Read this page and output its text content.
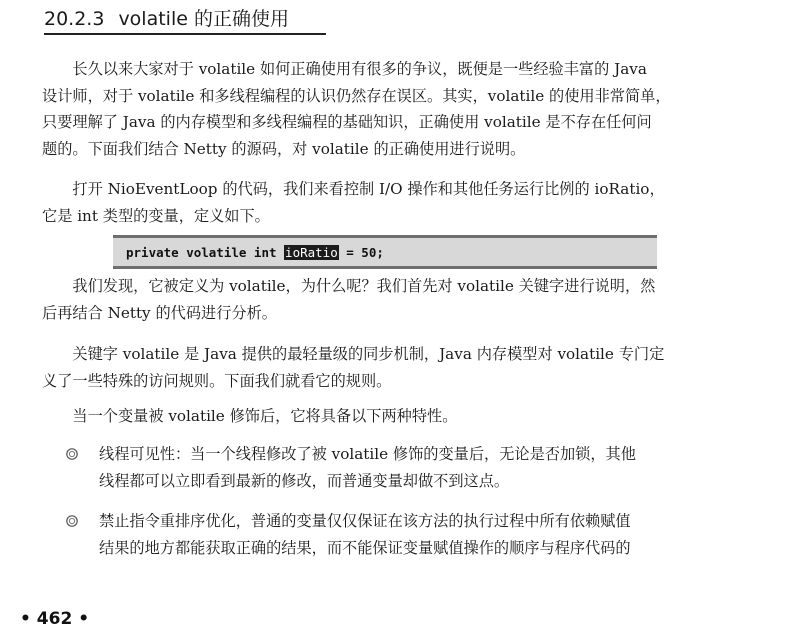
20.2.3 volatile 的正确使用
　　长久以来大家对于 volatile 如何正确使用有很多的争议，既便是一些经验丰富的 Java
设计师，对于 volatile 和多线程编程的认识仍然存在误区。其实，volatile 的使用非常简单，
只要理解了 Java 的内存模型和多线程编程的基础知识，正确使用 volatile 是不存在任何问
题的。下面我们结合 Netty 的源码，对 volatile 的正确使用进行说明。
　　打开 NioEventLoop 的代码，我们来看控制 I/O 操作和其他任务运行比例的 ioRatio，
它是 int 类型的变量，定义如下。
private volatile int ioRatio = 50;
　　我们发现，它被定义为 volatile，为什么呢？我们首先对 volatile 关键字进行说明，然
后再结合 Netty 的代码进行分析。
　　关键字 volatile 是 Java 提供的最轻量级的同步机制，Java 内存模型对 volatile 专门定
义了一些特殊的访问规则。下面我们就看它的规则。
　　当一个变量被 volatile 修饰后，它将具备以下两种特性。
线程可见性：当一个线程修改了被 volatile 修饰的变量后，无论是否加锁，其他
线程都可以立即看到最新的修改，而普通变量却做不到这点。
禁止指令重排序优化，普通的变量仅仅保证在该方法的执行过程中所有依赖赋值
结果的地方都能获取正确的结果，而不能保证变量赋值操作的顺序与程序代码的
• 462 •
